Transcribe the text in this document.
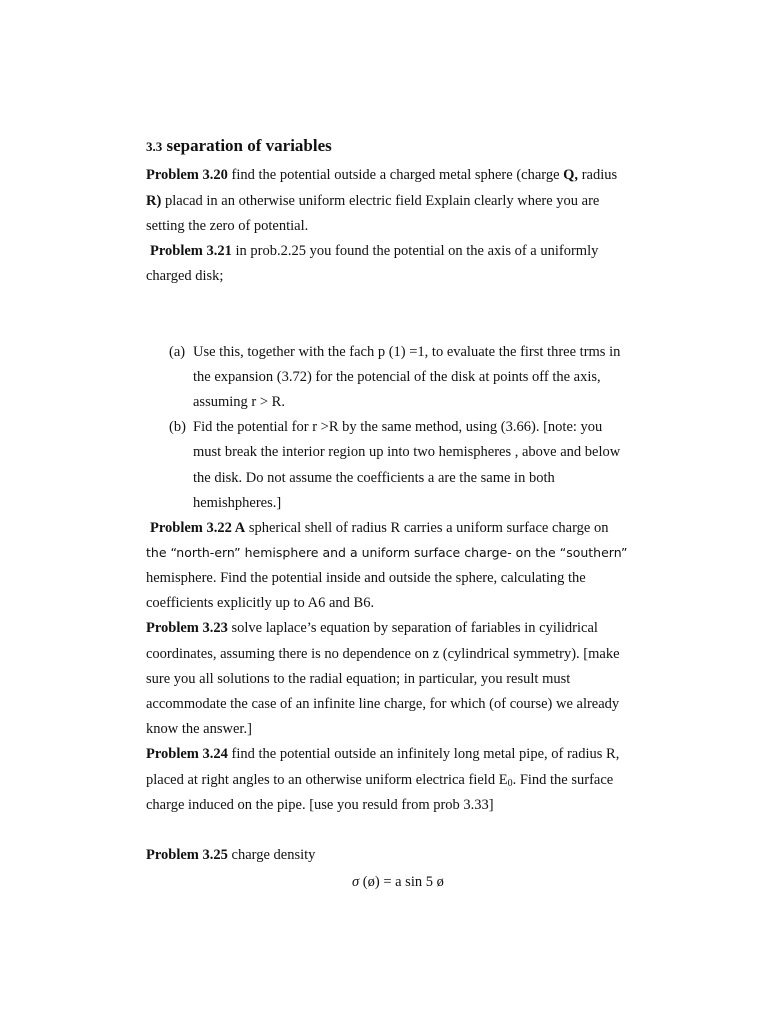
3.3 separation of variables
Problem 3.20 find the potential outside a charged metal sphere (charge Q, radius
R) placad in an otherwise uniform electric field Explain clearly where you are
setting the zero of potential.
Problem 3.21 in prob.2.25 you found the potential on the axis of a uniformly
charged disk;
(a) Use this, together with the fach p (1) =1, to evaluate the first three trms in
the expansion (3.72) for the potencial of the disk at points off the axis,
assuming r > R.
(b) Fid the potential for r >R by the same method, using (3.66). [note: you
must break the interior region up into two hemispheres , above and below
the disk. Do not assume the coefficients a are the same in both
hemishpheres.]
Problem 3.22 A spherical shell of radius R carries a uniform surface charge on
the “north-ern” hemisphere and a uniform surface charge- on the “southern”
hemisphere. Find the potential inside and outside the sphere, calculating the
coefficients explicitly up to A6 and B6.
Problem 3.23 solve laplace’s equation by separation of fariables in cyilidrical
coordinates, assuming there is no dependence on z (cylindrical symmetry). [make
sure you all solutions to the radial equation; in particular, you result must
accommodate the case of an infinite line charge, for which (of course) we already
know the answer.]
Problem 3.24 find the potential outside an infinitely long metal pipe, of radius R,
placed at right angles to an otherwise uniform electrica field $E_0$. Find the surface
charge induced on the pipe. [use you resuld from prob 3.33]
Problem 3.25 charge density
σ (ø) = a sin 5 ø
